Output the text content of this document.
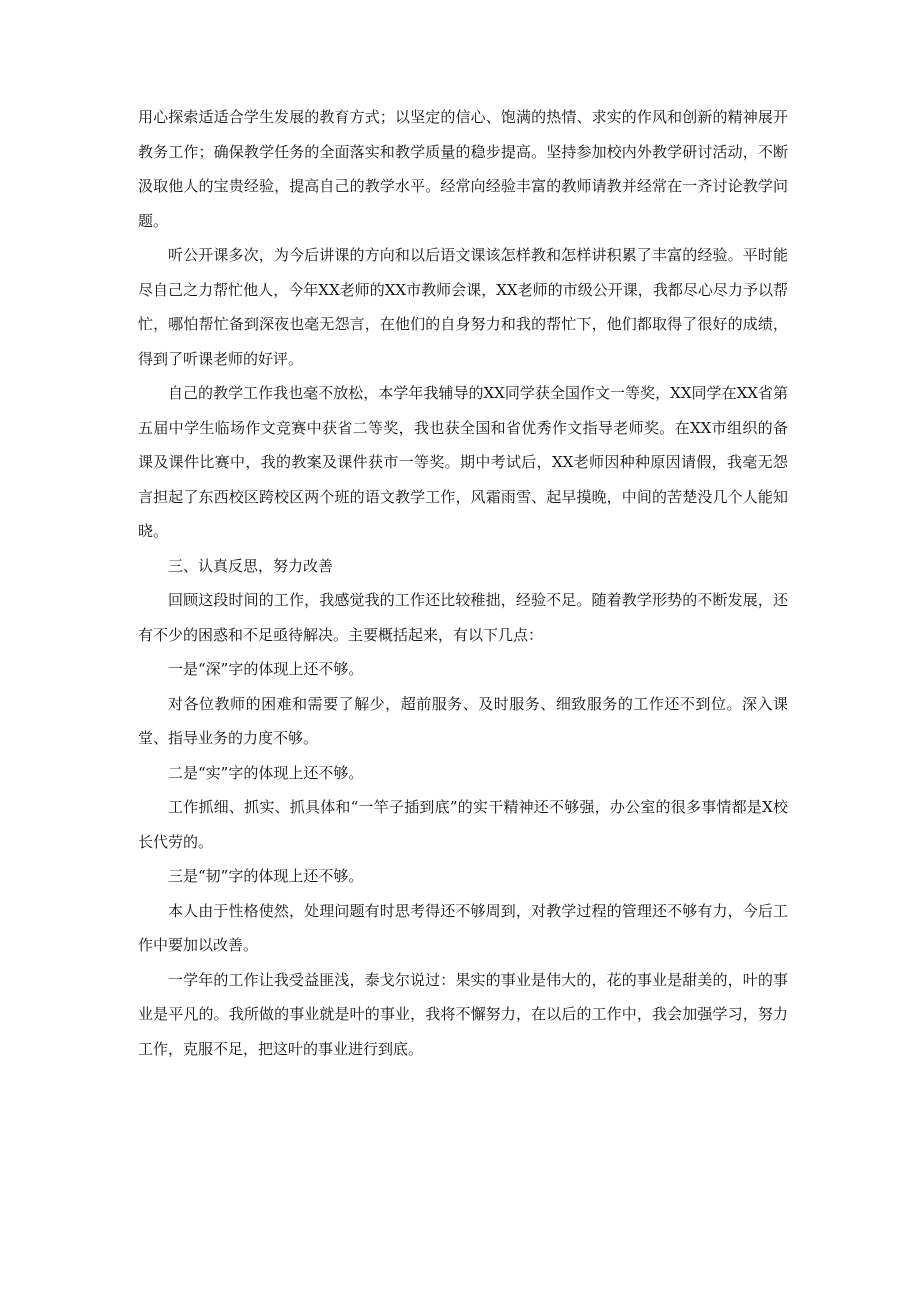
用心探索适适合学生发展的教育方式；以坚定的信心、饱满的热情、求实的作风和创新的精神展开教务工作；确保教学任务的全面落实和教学质量的稳步提高。坚持参加校内外教学研讨活动，不断汲取他人的宝贵经验，提高自己的教学水平。经常向经验丰富的教师请教并经常在一齐讨论教学问题。

听公开课多次，为今后讲课的方向和以后语文课该怎样教和怎样讲积累了丰富的经验。平时能尽自己之力帮忙他人，今年XX老师的XX市教师会课，XX老师的市级公开课，我都尽心尽力予以帮忙，哪怕帮忙备到深夜也毫无怨言，在他们的自身努力和我的帮忙下，他们都取得了很好的成绩，得到了听课老师的好评。

自己的教学工作我也毫不放松，本学年我辅导的XX同学获全国作文一等奖，XX同学在XX省第五届中学生临场作文竞赛中获省二等奖，我也获全国和省优秀作文指导老师奖。在XX市组织的备课及课件比赛中，我的教案及课件获市一等奖。期中考试后，XX老师因种种原因请假，我毫无怨言担起了东西校区跨校区两个班的语文教学工作，风霜雨雪、起早摸晚，中间的苦楚没几个人能知晓。

三、认真反思，努力改善

回顾这段时间的工作，我感觉我的工作还比较稚拙，经验不足。随着教学形势的不断发展，还有不少的困惑和不足亟待解决。主要概括起来，有以下几点：

一是“深”字的体现上还不够。

对各位教师的困难和需要了解少，超前服务、及时服务、细致服务的工作还不到位。深入课堂、指导业务的力度不够。

二是“实”字的体现上还不够。

工作抓细、抓实、抓具体和“一竿子插到底”的实干精神还不够强，办公室的很多事情都是X校长代劳的。

三是“韧”字的体现上还不够。

本人由于性格使然，处理问题有时思考得还不够周到，对教学过程的管理还不够有力，今后工作中要加以改善。

一学年的工作让我受益匪浅，泰戈尔说过：果实的事业是伟大的，花的事业是甜美的，叶的事业是平凡的。我所做的事业就是叶的事业，我将不懈努力，在以后的工作中，我会加强学习，努力工作，克服不足，把这叶的事业进行到底。
